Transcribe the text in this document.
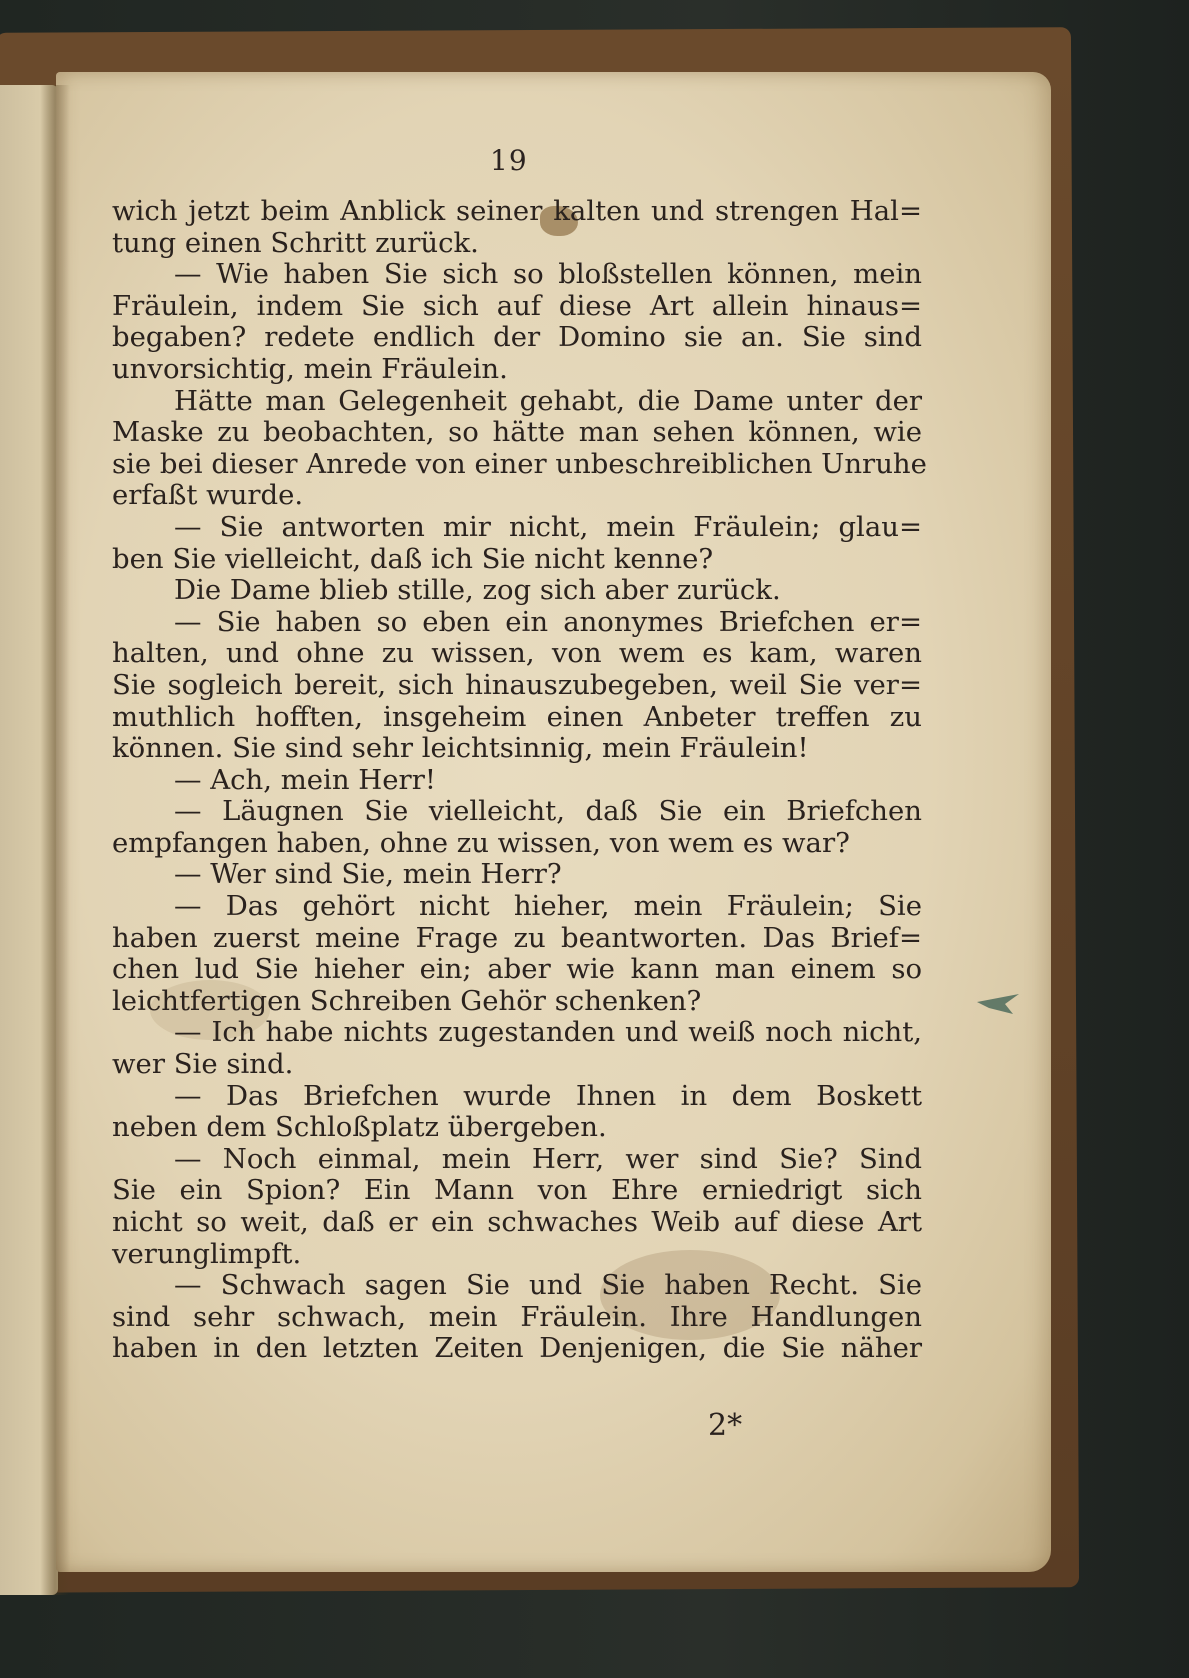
19
wich jetzt beim Anblick seiner kalten und strengen Hal=
tung einen Schritt zurück.
— Wie haben Sie sich so bloßstellen können, mein
Fräulein, indem Sie sich auf diese Art allein hinaus=
begaben? redete endlich der Domino sie an. Sie sind
unvorsichtig, mein Fräulein.
Hätte man Gelegenheit gehabt, die Dame unter der
Maske zu beobachten, so hätte man sehen können, wie
sie bei dieser Anrede von einer unbeschreiblichen Unruhe
erfaßt wurde.
— Sie antworten mir nicht, mein Fräulein; glau=
ben Sie vielleicht, daß ich Sie nicht kenne?
Die Dame blieb stille, zog sich aber zurück.
— Sie haben so eben ein anonymes Briefchen er=
halten, und ohne zu wissen, von wem es kam, waren
Sie sogleich bereit, sich hinauszubegeben, weil Sie ver=
muthlich hofften, insgeheim einen Anbeter treffen zu
können. Sie sind sehr leichtsinnig, mein Fräulein!
— Ach, mein Herr!
— Läugnen Sie vielleicht, daß Sie ein Briefchen
empfangen haben, ohne zu wissen, von wem es war?
— Wer sind Sie, mein Herr?
— Das gehört nicht hieher, mein Fräulein; Sie
haben zuerst meine Frage zu beantworten. Das Brief=
chen lud Sie hieher ein; aber wie kann man einem so
leichtfertigen Schreiben Gehör schenken?
— Ich habe nichts zugestanden und weiß noch nicht,
wer Sie sind.
— Das Briefchen wurde Ihnen in dem Boskett
neben dem Schloßplatz übergeben.
— Noch einmal, mein Herr, wer sind Sie? Sind
Sie ein Spion? Ein Mann von Ehre erniedrigt sich
nicht so weit, daß er ein schwaches Weib auf diese Art
verunglimpft.
— Schwach sagen Sie und Sie haben Recht. Sie
sind sehr schwach, mein Fräulein. Ihre Handlungen
haben in den letzten Zeiten Denjenigen, die Sie näher
2*
